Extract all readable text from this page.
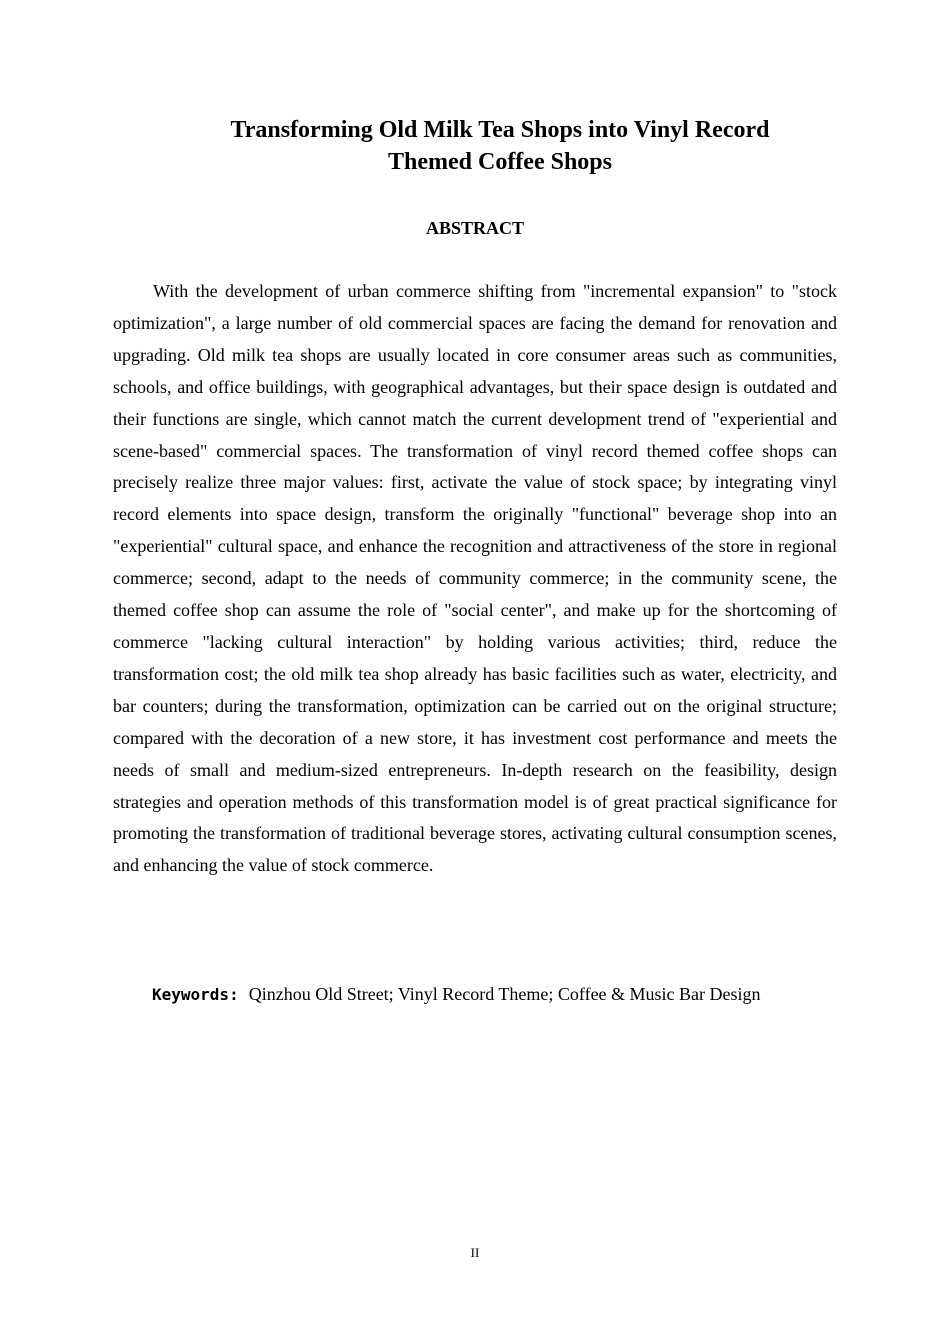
Transforming Old Milk Tea Shops into Vinyl Record Themed Coffee Shops
ABSTRACT

With the development of urban commerce shifting from "incremental expansion" to "stock optimization", a large number of old commercial spaces are facing the demand for renovation and upgrading. Old milk tea shops are usually located in core consumer areas such as communities, schools, and office buildings, with geographical advantages, but their space design is outdated and their functions are single, which cannot match the current development trend of "experiential and scene-based" commercial spaces. The transformation of vinyl record themed coffee shops can precisely realize three major values: first, activate the value of stock space; by integrating vinyl record elements into space design, transform the originally "functional" beverage shop into an "experiential" cultural space, and enhance the recognition and attractiveness of the store in regional commerce; second, adapt to the needs of community commerce; in the community scene, the themed coffee shop can assume the role of "social center", and make up for the shortcoming of commerce "lacking cultural interaction" by holding various activities; third, reduce the transformation cost; the old milk tea shop already has basic facilities such as water, electricity, and bar counters; during the transformation, optimization can be carried out on the original structure; compared with the decoration of a new store, it has investment cost performance and meets the needs of small and medium-sized entrepreneurs. In-depth research on the feasibility, design strategies and operation methods of this transformation model is of great practical significance for promoting the transformation of traditional beverage stores, activating cultural consumption scenes, and enhancing the value of stock commerce.

Keywords: Qinzhou Old Street; Vinyl Record Theme; Coffee & Music Bar Design

II
